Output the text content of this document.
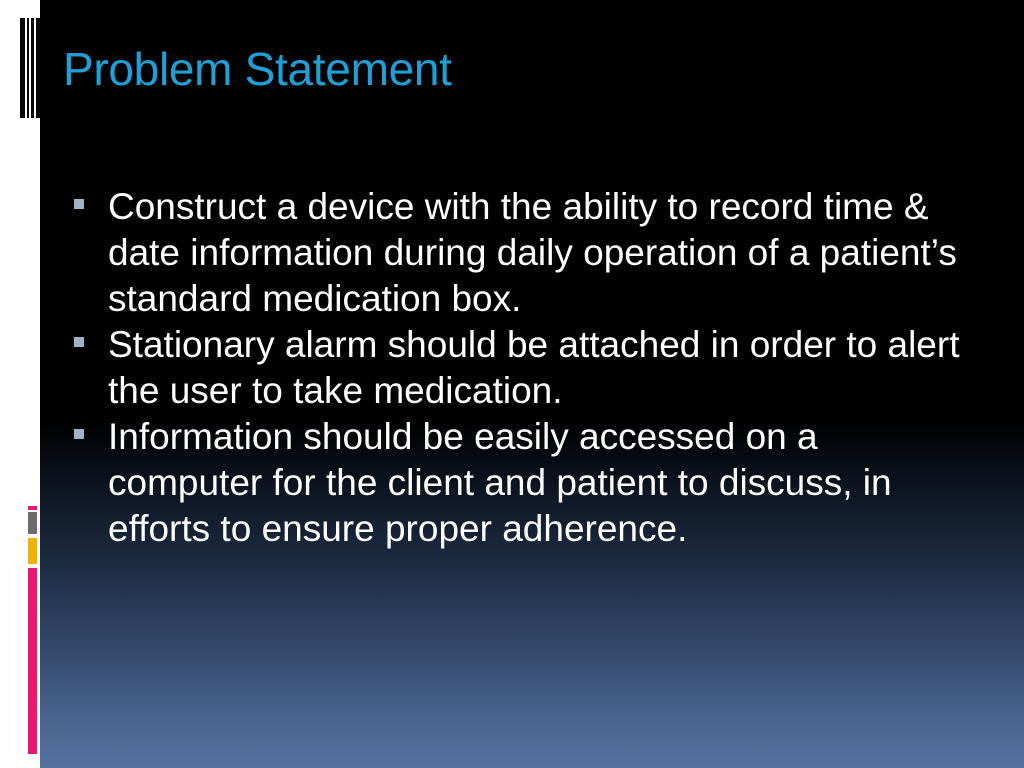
Problem Statement
Construct a device with the ability to record time & date information during daily operation of a patient’s standard medication box.
Stationary alarm should be attached in order to alert the user to take medication.
Information should be easily accessed on a computer for the client and patient to discuss, in efforts to ensure proper adherence.
